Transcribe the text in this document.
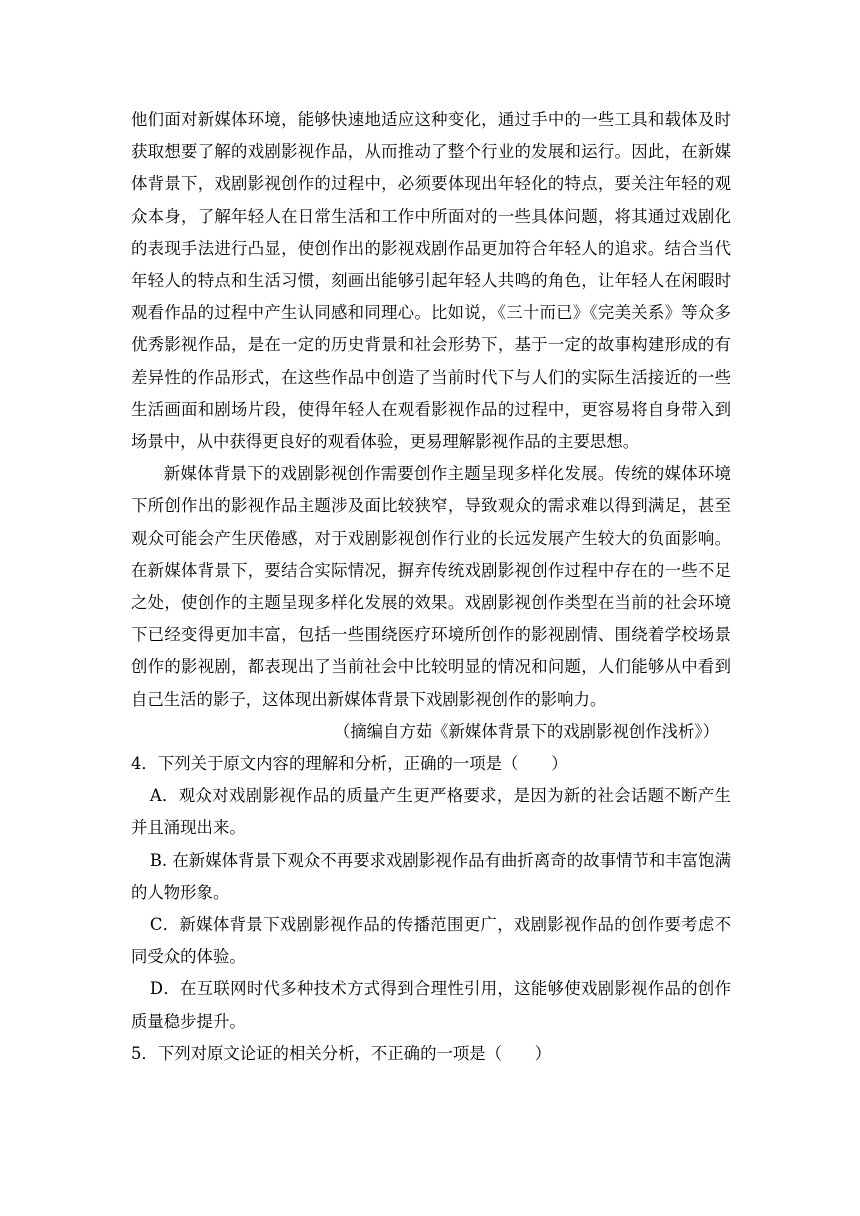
他们面对新媒体环境，能够快速地适应这种变化，通过手中的一些工具和载体及时获取想要了解的戏剧影视作品，从而推动了整个行业的发展和运行。因此，在新媒体背景下，戏剧影视创作的过程中，必须要体现出年轻化的特点，要关注年轻的观众本身，了解年轻人在日常生活和工作中所面对的一些具体问题，将其通过戏剧化的表现手法进行凸显，使创作出的影视戏剧作品更加符合年轻人的追求。结合当代年轻人的特点和生活习惯，刻画出能够引起年轻人共鸣的角色，让年轻人在闲暇时观看作品的过程中产生认同感和同理心。比如说，《三十而已》《完美关系》等众多优秀影视作品，是在一定的历史背景和社会形势下，基于一定的故事构建形成的有差异性的作品形式，在这些作品中创造了当前时代下与人们的实际生活接近的一些生活画面和剧场片段，使得年轻人在观看影视作品的过程中，更容易将自身带入到场景中，从中获得更良好的观看体验，更易理解影视作品的主要思想。

新媒体背景下的戏剧影视创作需要创作主题呈现多样化发展。传统的媒体环境下所创作出的影视作品主题涉及面比较狭窄，导致观众的需求难以得到满足，甚至观众可能会产生厌倦感，对于戏剧影视创作行业的长远发展产生较大的负面影响。在新媒体背景下，要结合实际情况，摒弃传统戏剧影视创作过程中存在的一些不足之处，使创作的主题呈现多样化发展的效果。戏剧影视创作类型在当前的社会环境下已经变得更加丰富，包括一些围绕医疗环境所创作的影视剧情、围绕着学校场景创作的影视剧，都表现出了当前社会中比较明显的情况和问题，人们能够从中看到自己生活的影子，这体现出新媒体背景下戏剧影视创作的影响力。

（摘编自方茹《新媒体背景下的戏剧影视创作浅析》）

4．下列关于原文内容的理解和分析，正确的一项是（　　）

A．观众对戏剧影视作品的质量产生更严格要求，是因为新的社会话题不断产生并且涌现出来。

B. 在新媒体背景下观众不再要求戏剧影视作品有曲折离奇的故事情节和丰富饱满的人物形象。

C．新媒体背景下戏剧影视作品的传播范围更广，戏剧影视作品的创作要考虑不同受众的体验。

D．在互联网时代多种技术方式得到合理性引用，这能够使戏剧影视作品的创作质量稳步提升。

5．下列对原文论证的相关分析，不正确的一项是（　　）
